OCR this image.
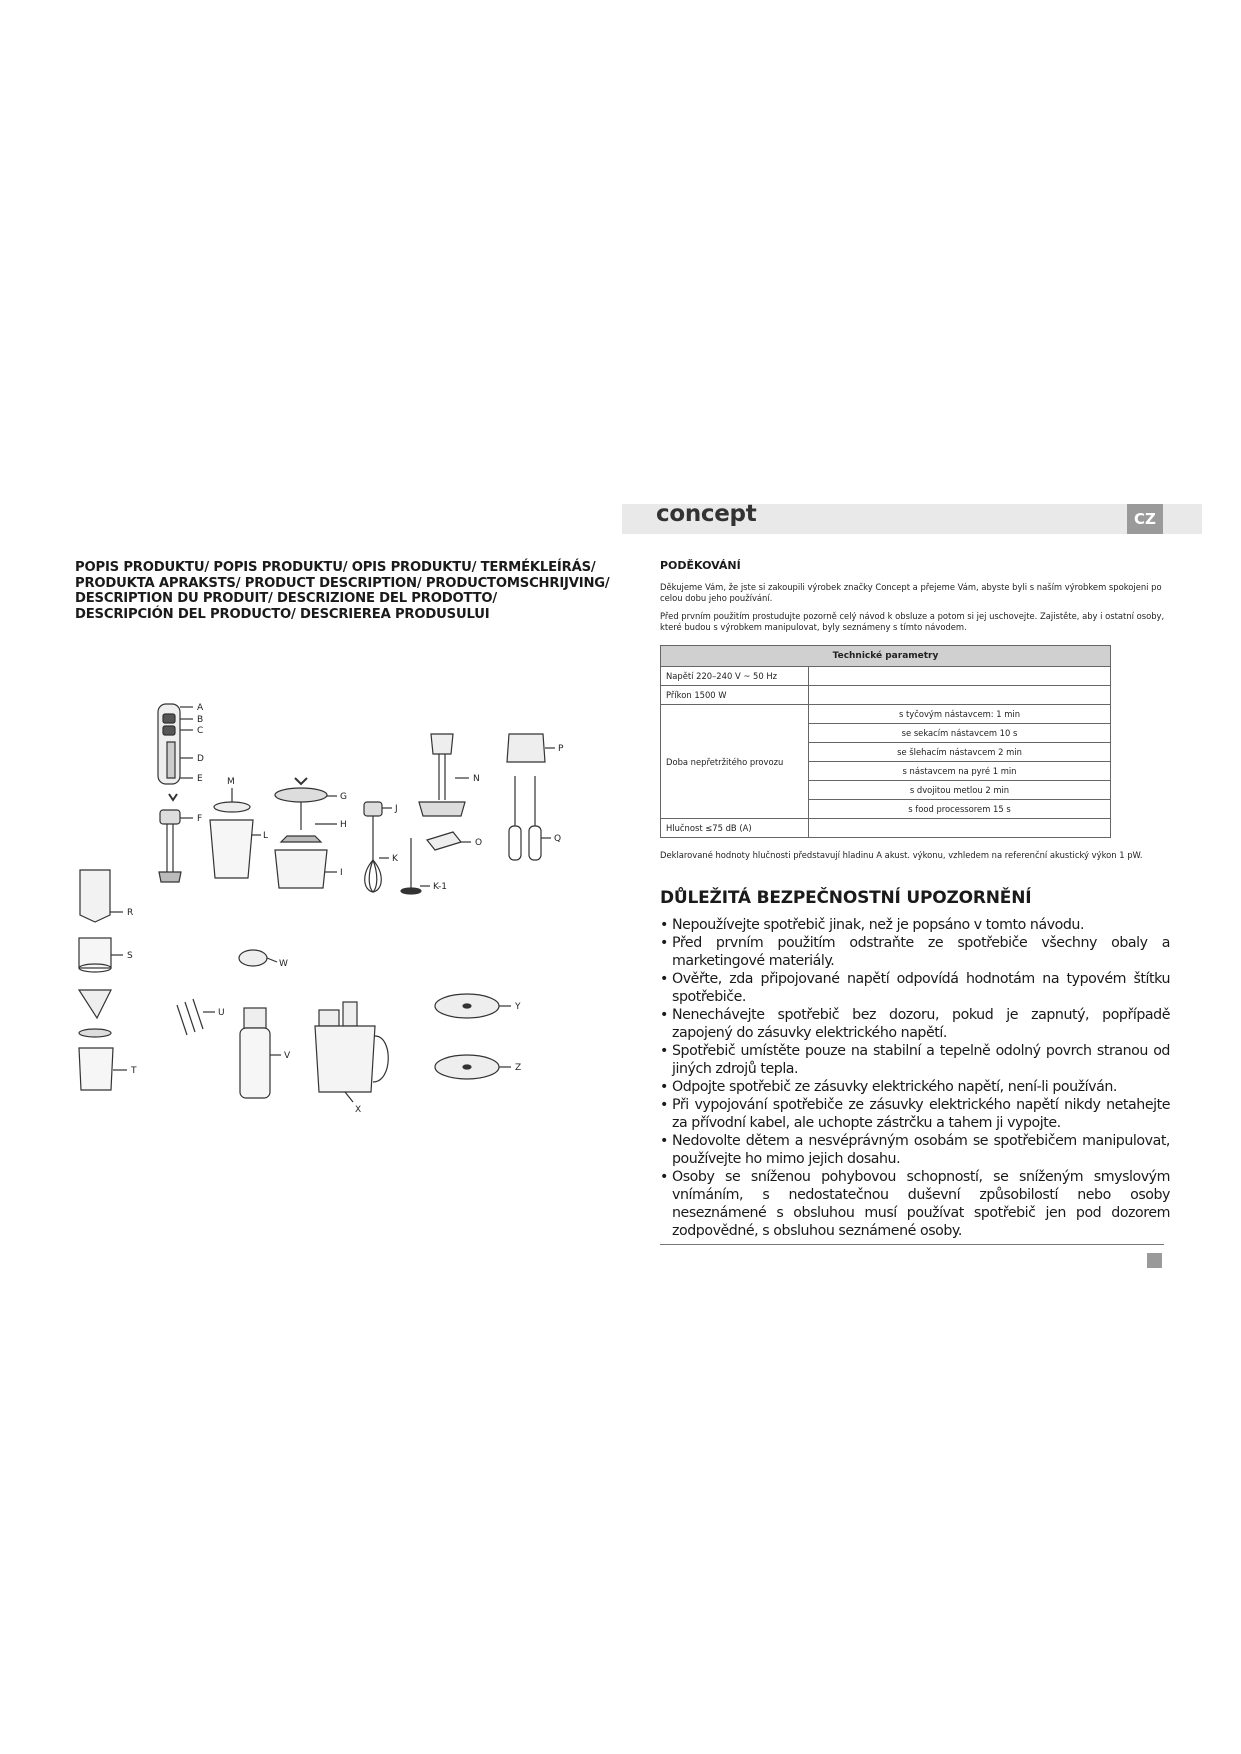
POPIS PRODUKTU/ POPIS PRODUKTU/ OPIS PRODUKTU/ TERMÉKLEÍRÁS/
PRODUKTA APRAKSTS/ PRODUCT DESCRIPTION/ PRODUCTOMSCHRIJVING/
DESCRIPTION DU PRODUIT/ DESCRIZIONE DEL PRODOTTO/
DESCRIPCIÓN DEL PRODUCTO/ DESCRIEREA PRODUSULUI
A
B
C
D
E
F
M
L
G
H
I
J
K
K-1
N
O
P
Q
R
S
T
U
W
V
X
Y
Z
concept	CZ
PODĚKOVÁNÍ
Děkujeme Vám, že jste si zakoupili výrobek značky Concept a přejeme Vám, abyste byli s naším výrobkem spokojeni po celou dobu jeho používání.
Před prvním použitím prostudujte pozorně celý návod k obsluze a potom si jej uschovejte. Zajistěte, aby i ostatní osoby, které budou s výrobkem manipulovat, byly seznámeny s tímto návodem.
Technické parametry	
Napětí 220–240 V ~ 50 Hz	
Příkon 1500 W	
Doba nepřetržitého provozu	s tyčovým nástavcem: 1 min
	se sekacím nástavcem 10 s
	se šlehacím nástavcem 2 min
	s nástavcem na pyré 1 min
	s dvojitou metlou 2 min
	s food processorem 15 s
Hlučnost ≤75 dB (A)	
Deklarované hodnoty hlučnosti představují hladinu A akust. výkonu, vzhledem na referenční akustický výkon 1 pW.
DŮLEŽITÁ BEZPEČNOSTNÍ UPOZORNĚNÍ
• Nepoužívejte spotřebič jinak, než je popsáno v tomto návodu.
• Před prvním použitím odstraňte ze spotřebiče všechny obaly a marketingové materiály.
• Ověřte, zda připojované napětí odpovídá hodnotám na typovém štítku spotřebiče.
• Nenechávejte spotřebič bez dozoru, pokud je zapnutý, popřípadě zapojený do zásuvky elektrického napětí.
• Spotřebič umístěte pouze na stabilní a tepelně odolný povrch stranou od jiných zdrojů tepla.
• Odpojte spotřebič ze zásuvky elektrického napětí, není-li používán.
• Při vypojování spotřebiče ze zásuvky elektrického napětí nikdy netahejte za přívodní kabel, ale uchopte zástrčku a tahem ji vypojte.
• Nedovolte dětem a nesvéprávným osobám se spotřebičem manipulovat, používejte ho mimo jejich dosahu.
• Osoby se sníženou pohybovou schopností, se sníženým smyslovým vnímáním, s nedostatečnou duševní způsobilostí nebo osoby neseznámené s obsluhou musí používat spotřebič jen pod dozorem zodpovědné, s obsluhou seznámené osoby.
